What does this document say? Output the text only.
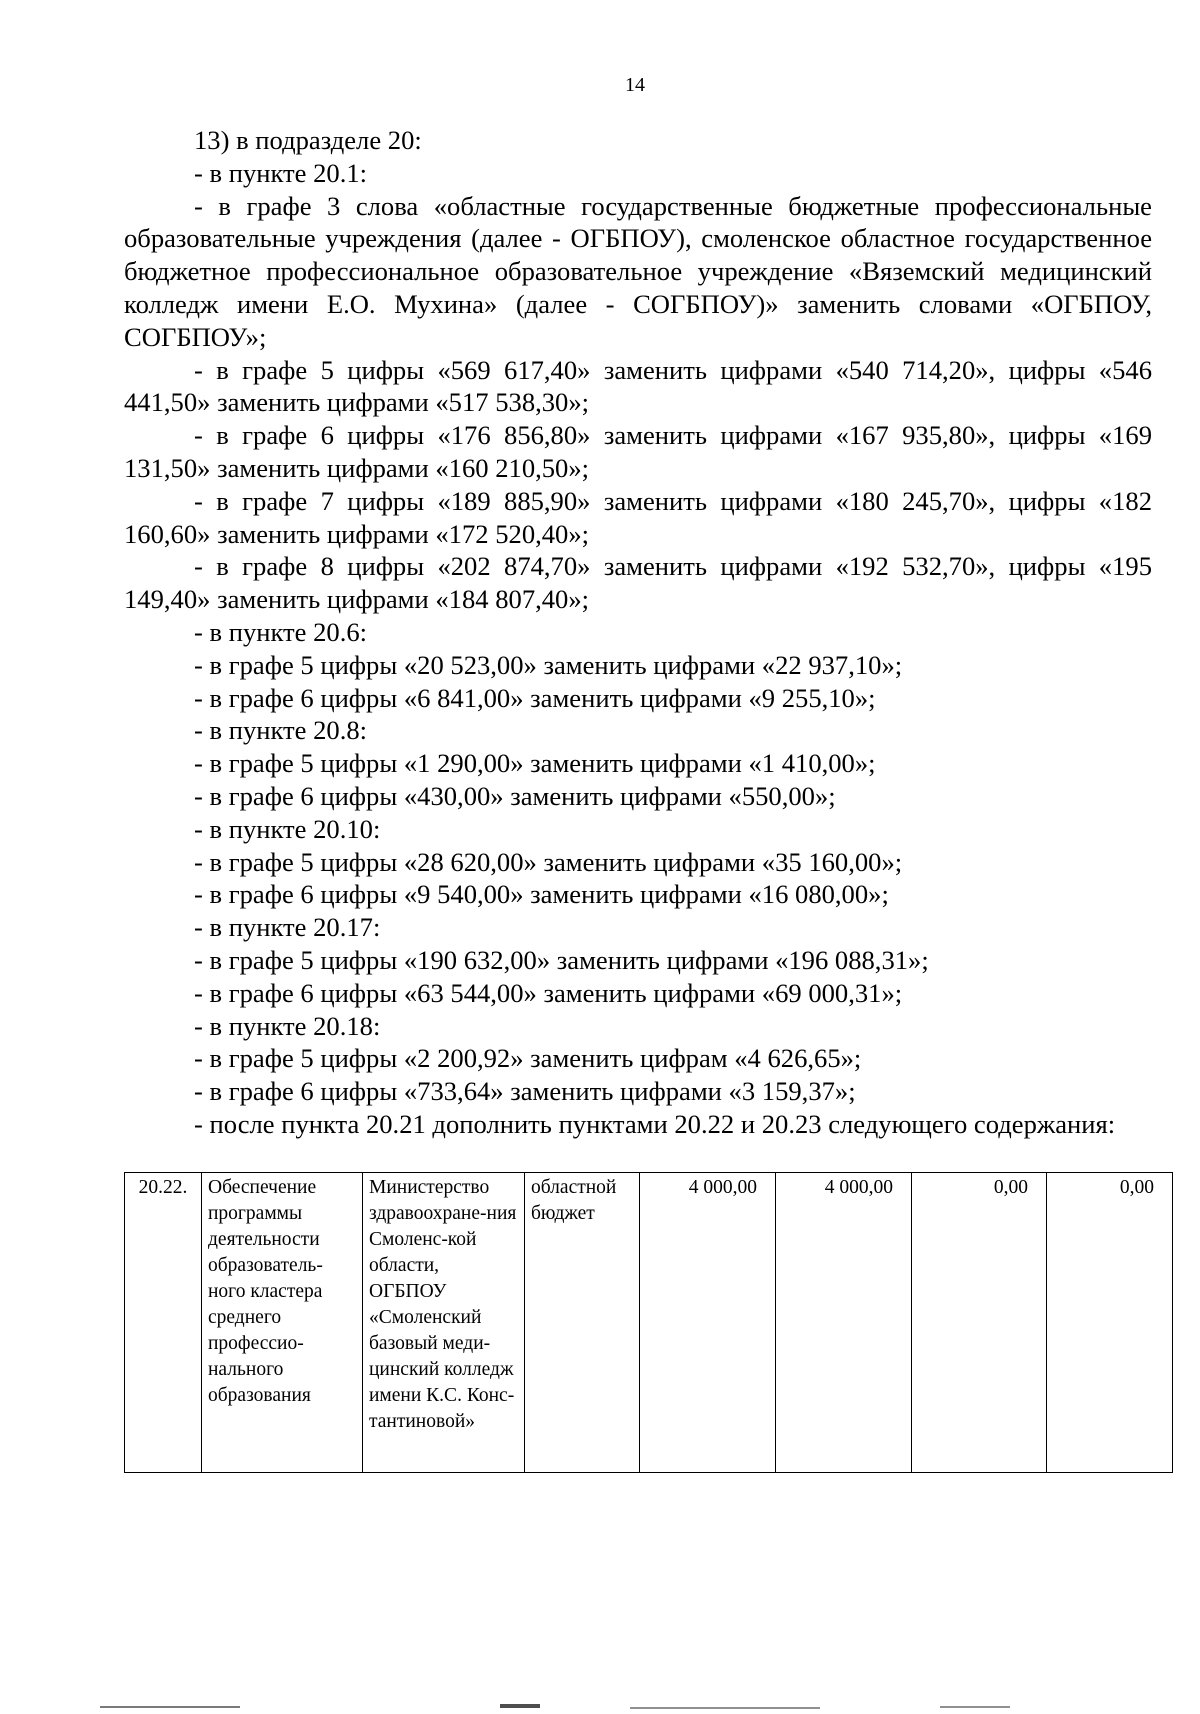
14

13) в подразделе 20:

- в пункте 20.1:

- в графе 3 слова «областные государственные бюджетные профессиональные образовательные учреждения (далее - ОГБПОУ), смоленское областное государственное бюджетное профессиональное образовательное учреждение «Вяземский медицинский колледж имени Е.О. Мухина» (далее - СОГБПОУ)» заменить словами «ОГБПОУ, СОГБПОУ»;

- в графе 5 цифры «569 617,40» заменить цифрами «540 714,20», цифры «546 441,50» заменить цифрами «517 538,30»;

- в графе 6 цифры «176 856,80» заменить цифрами «167 935,80», цифры «169 131,50» заменить цифрами «160 210,50»;

- в графе 7 цифры «189 885,90» заменить цифрами «180 245,70», цифры «182 160,60» заменить цифрами «172 520,40»;

- в графе 8 цифры «202 874,70» заменить цифрами «192 532,70», цифры «195 149,40» заменить цифрами «184 807,40»;

- в пункте 20.6:

- в графе 5 цифры «20 523,00» заменить цифрами «22 937,10»;

- в графе 6 цифры «6 841,00» заменить цифрами «9 255,10»;

- в пункте 20.8:

- в графе 5 цифры «1 290,00» заменить цифрами «1 410,00»;

- в графе 6 цифры «430,00» заменить цифрами «550,00»;

- в пункте 20.10:

- в графе 5 цифры «28 620,00» заменить цифрами «35 160,00»;

- в графе 6 цифры «9 540,00» заменить цифрами «16 080,00»;

- в пункте 20.17:

- в графе 5 цифры «190 632,00» заменить цифрами «196 088,31»;

- в графе 6 цифры «63 544,00» заменить цифрами «69 000,31»;

- в пункте 20.18:

- в графе 5 цифры «2 200,92» заменить цифрам «4 626,65»;

- в графе 6 цифры «733,64» заменить цифрами «3 159,37»;

- после пункта 20.21 дополнить пунктами 20.22 и 20.23 следующего содержания:

20.22.	Обеспечение программы деятельности образователь-ного кластера среднего профессио-нального образования	Министерство здравоохране-ния Смоленс-кой области, ОГБПОУ «Смоленский базовый меди-цинский колледж имени К.С. Конс-тантиновой»	областной бюджет	4 000,00	4 000,00	0,00	0,00
